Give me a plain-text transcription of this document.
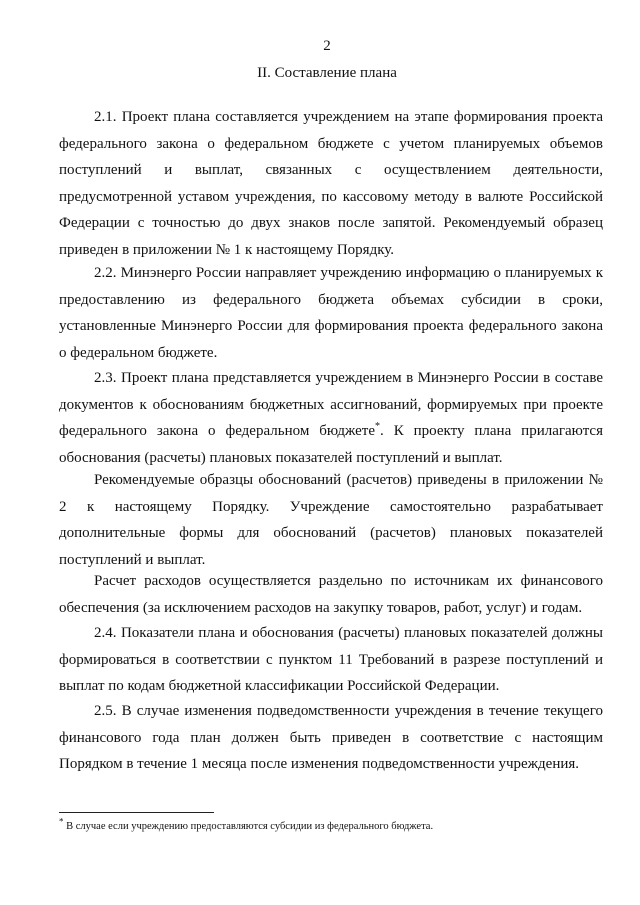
2
II. Составление плана

2.1. Проект плана составляется учреждением на этапе формирования проекта федерального закона о федеральном бюджете с учетом планируемых объемов поступлений и выплат, связанных с осуществлением деятельности, предусмотренной уставом учреждения, по кассовому методу в валюте Российской Федерации с точностью до двух знаков после запятой. Рекомендуемый образец приведен в приложении № 1 к настоящему Порядку.

2.2. Минэнерго России направляет учреждению информацию о планируемых к предоставлению из федерального бюджета объемах субсидии в сроки, установленные Минэнерго России для формирования проекта федерального закона о федеральном бюджете.

2.3. Проект плана представляется учреждением в Минэнерго России в составе документов к обоснованиям бюджетных ассигнований, формируемых при проекте федерального закона о федеральном бюджете*. К проекту плана прилагаются обоснования (расчеты) плановых показателей поступлений и выплат.

Рекомендуемые образцы обоснований (расчетов) приведены в приложении № 2 к настоящему Порядку. Учреждение самостоятельно разрабатывает дополнительные формы для обоснований (расчетов) плановых показателей поступлений и выплат.

Расчет расходов осуществляется раздельно по источникам их финансового обеспечения (за исключением расходов на закупку товаров, работ, услуг) и годам.

2.4. Показатели плана и обоснования (расчеты) плановых показателей должны формироваться в соответствии с пунктом 11 Требований в разрезе поступлений и выплат по кодам бюджетной классификации Российской Федерации.

2.5. В случае изменения подведомственности учреждения в течение текущего финансового года план должен быть приведен в соответствие с настоящим Порядком в течение 1 месяца после изменения подведомственности учреждения.

* В случае если учреждению предоставляются субсидии из федерального бюджета.
